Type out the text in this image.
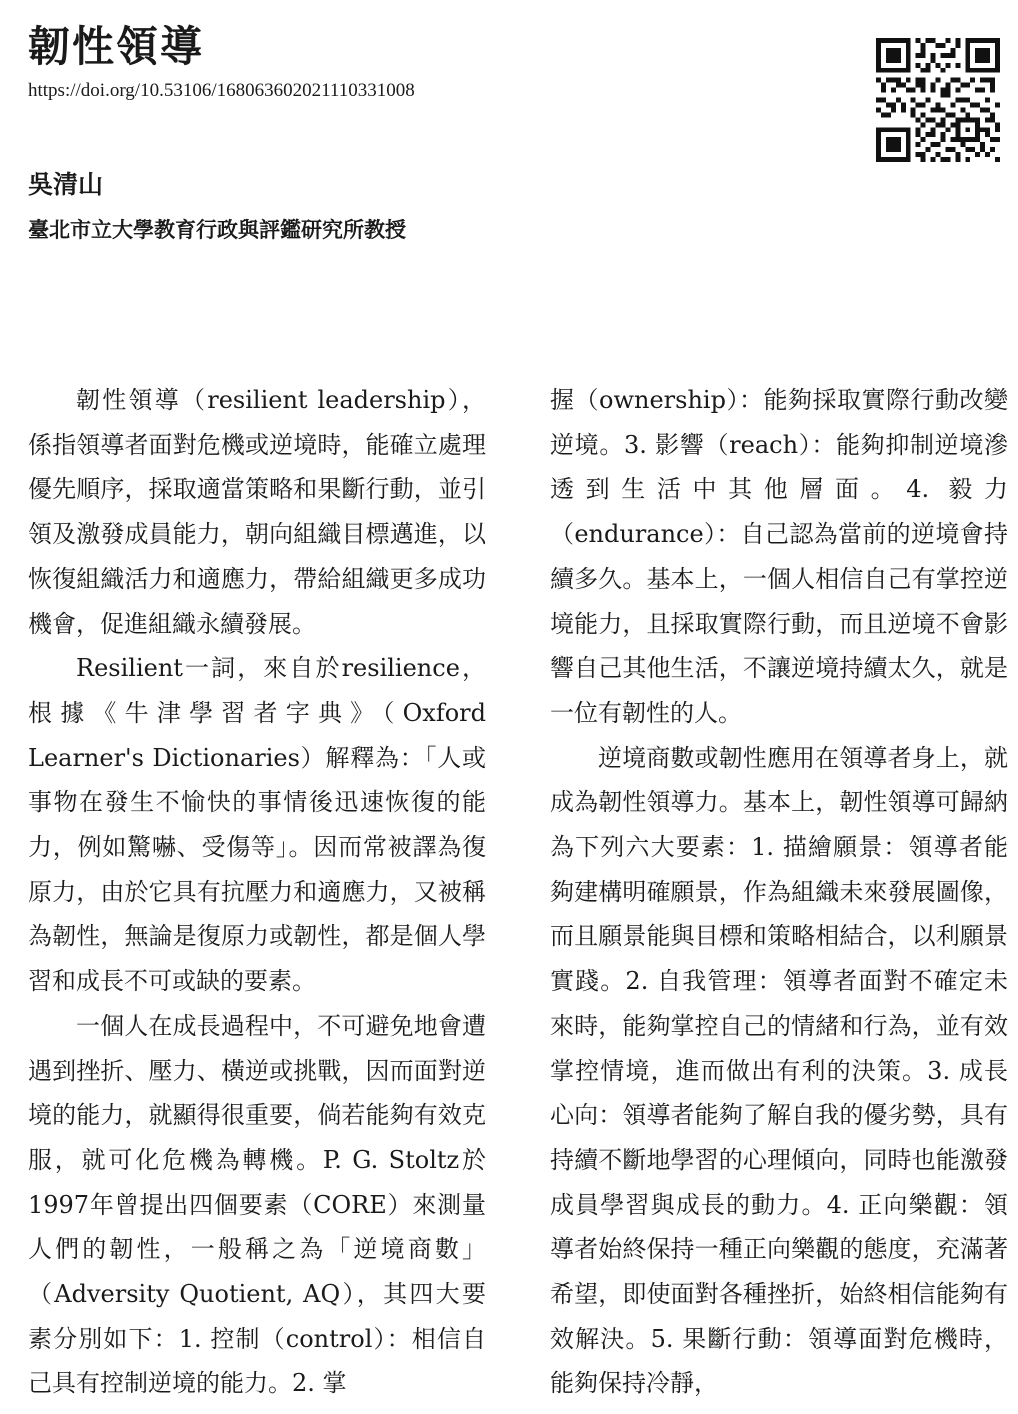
韌性領導
https://doi.org/10.53106/168063602021110331008
吳清山
臺北市立大學教育行政與評鑑研究所教授

韌性領導（resilient leadership），係指領導者面對危機或逆境時，能確立處理優先順序，採取適當策略和果斷行動，並引領及激發成員能力，朝向組織目標邁進，以恢復組織活力和適應力，帶給組織更多成功機會，促進組織永續發展。

Resilient一詞，來自於resilience，根據《牛津學習者字典》（Oxford Learner's Dictionaries）解釋為：「人或事物在發生不愉快的事情後迅速恢復的能力，例如驚嚇、受傷等」。因而常被譯為復原力，由於它具有抗壓力和適應力，又被稱為韌性，無論是復原力或韌性，都是個人學習和成長不可或缺的要素。

一個人在成長過程中，不可避免地會遭遇到挫折、壓力、橫逆或挑戰，因而面對逆境的能力，就顯得很重要，倘若能夠有效克服，就可化危機為轉機。P. G. Stoltz於1997年曾提出四個要素（CORE）來測量人們的韌性，一般稱之為「逆境商數」（Adversity Quotient, AQ），其四大要素分別如下：1. 控制（control）：相信自己具有控制逆境的能力。2. 掌

握（ownership）：能夠採取實際行動改變逆境。3. 影響（reach）：能夠抑制逆境滲透到生活中其他層面。4. 毅力（endurance）：自己認為當前的逆境會持續多久。基本上，一個人相信自己有掌控逆境能力，且採取實際行動，而且逆境不會影響自己其他生活，不讓逆境持續太久，就是一位有韌性的人。

逆境商數或韌性應用在領導者身上，就成為韌性領導力。基本上，韌性領導可歸納為下列六大要素：1. 描繪願景：領導者能夠建構明確願景，作為組織未來發展圖像，而且願景能與目標和策略相結合，以利願景實踐。2. 自我管理：領導者面對不確定未來時，能夠掌控自己的情緒和行為，並有效掌控情境，進而做出有利的決策。3. 成長心向：領導者能夠了解自我的優劣勢，具有持續不斷地學習的心理傾向，同時也能激發成員學習與成長的動力。4. 正向樂觀：領導者始終保持一種正向樂觀的態度，充滿著希望，即使面對各種挫折，始終相信能夠有效解決。5. 果斷行動：領導面對危機時，能夠保持冷靜，
